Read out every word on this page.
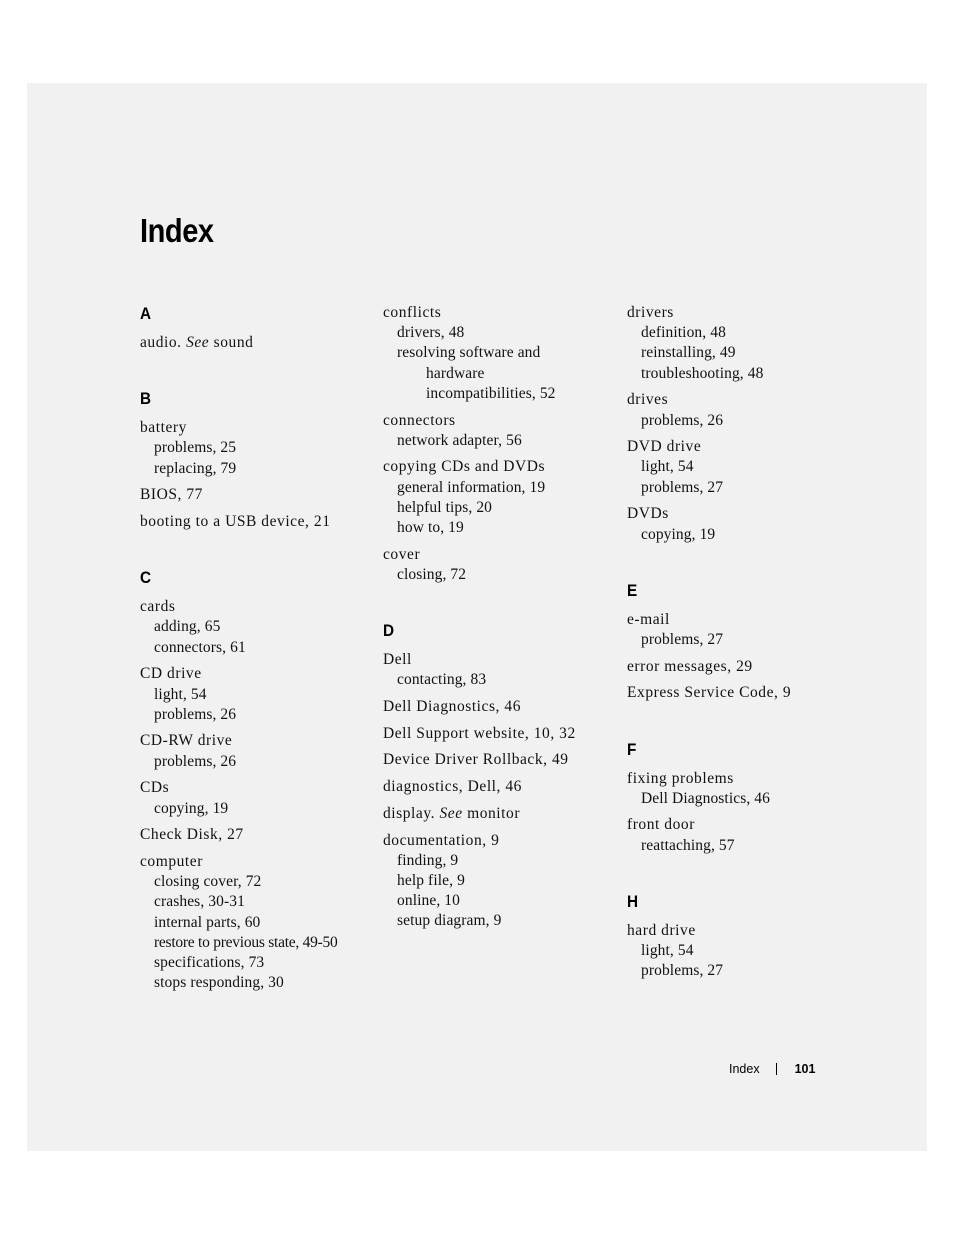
Index
A
audio. See sound
B
battery
problems, 25
replacing, 79
BIOS, 77
booting to a USB device, 21
C
cards
adding, 65
connectors, 61
CD drive
light, 54
problems, 26
CD-RW drive
problems, 26
CDs
copying, 19
Check Disk, 27
computer
closing cover, 72
crashes, 30-31
internal parts, 60
restore to previous state, 49-50
specifications, 73
stops responding, 30
conflicts
drivers, 48
resolving software and
hardware
incompatibilities, 52
connectors
network adapter, 56
copying CDs and DVDs
general information, 19
helpful tips, 20
how to, 19
cover
closing, 72
D
Dell
contacting, 83
Dell Diagnostics, 46
Dell Support website, 10, 32
Device Driver Rollback, 49
diagnostics, Dell, 46
display. See monitor
documentation, 9
finding, 9
help file, 9
online, 10
setup diagram, 9
drivers
definition, 48
reinstalling, 49
troubleshooting, 48
drives
problems, 26
DVD drive
light, 54
problems, 27
DVDs
copying, 19
E
e-mail
problems, 27
error messages, 29
Express Service Code, 9
F
fixing problems
Dell Diagnostics, 46
front door
reattaching, 57
H
hard drive
light, 54
problems, 27
Index	101
